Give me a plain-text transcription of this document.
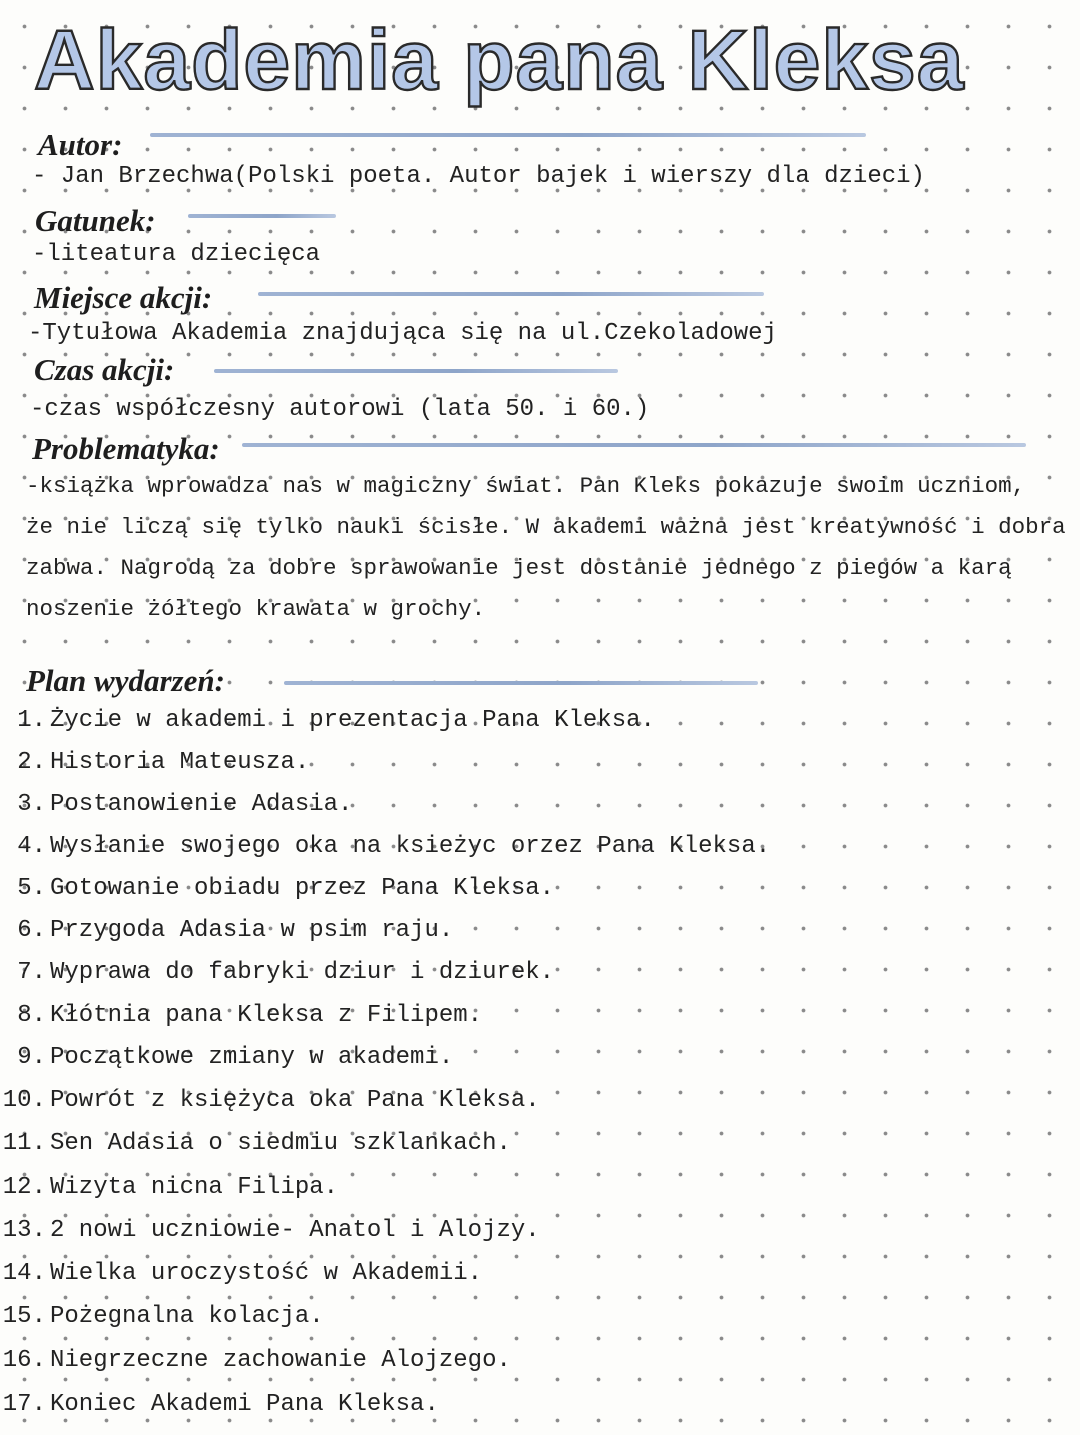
Akademia pana Kleksa
Autor:

- Jan Brzechwa(Polski poeta. Autor bajek i wierszy dla dzieci)

Gatunek:

-liteatura dziecięca

Miejsce akcji:

-Tytułowa Akademia znajdująca się na ul.Czekoladowej

Czas akcji:

-czas współczesny autorowi (lata 50. i 60.)

Problematyka:
-książka wprowadza nas w magiczny świat. Pan Kleks pokazuje swoim uczniom,
że nie liczą się tylko nauki ścisłe. W akademi ważna jest kreatywność i dobra
zabwa. Nagrodą za dobre sprawowanie jest dostanie jednego z piegów a karą
noszenie żółtego krawata w grochy.
Plan wydarzeń:
1. Życie w akademi i prezentacja Pana Kleksa.
2. Historia Mateusza.
3. Postanowienie Adasia.
4. Wysłanie swojego oka na ksieżyc orzez Pana Kleksa.
5. Gotowanie obiadu przez Pana Kleksa.
6. Przygoda Adasia w psim raju.
7. Wyprawa do fabryki dziur i dziurek.
8. Kłótnia pana Kleksa z Filipem.
9. Początkowe zmiany w akademi.
10. Powrót z księżyca oka Pana Kleksa.
11. Sen Adasia o siedmiu szklankach.
12. Wizyta nicna Filipa.
13. 2 nowi uczniowie- Anatol i Alojzy.
14. Wielka uroczystość w Akademii.
15. Pożegnalna kolacja.
16. Niegrzeczne zachowanie Alojzego.
17. Koniec Akademi Pana Kleksa.
